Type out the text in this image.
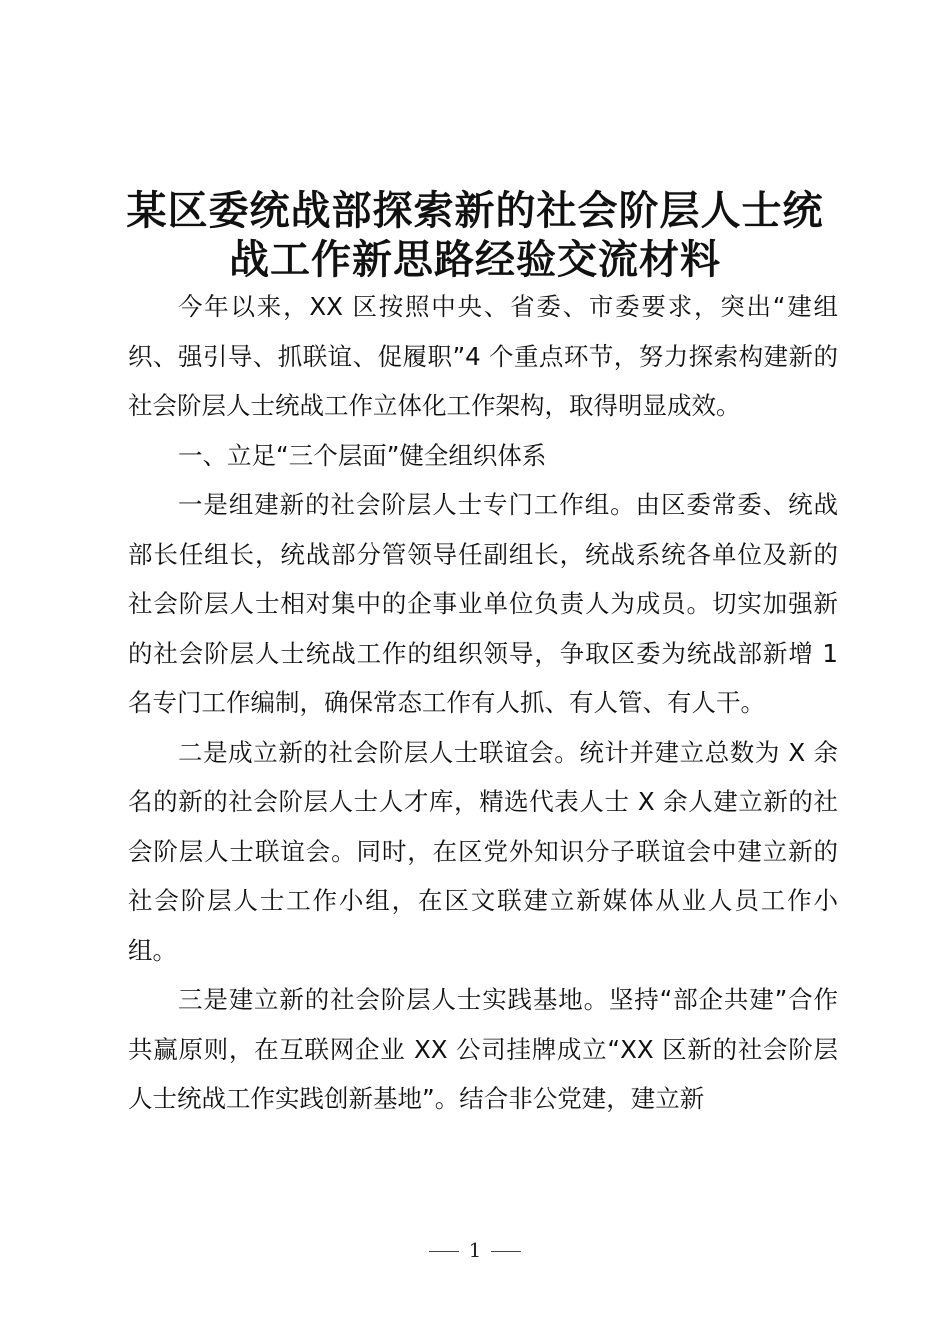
某区委统战部探索新的社会阶层人士统
战工作新思路经验交流材料

今年以来，XX 区按照中央、省委、市委要求，突出“建组织、强引导、抓联谊、促履职”4 个重点环节，努力探索构建新的社会阶层人士统战工作立体化工作架构，取得明显成效。

一、立足“三个层面”健全组织体系

一是组建新的社会阶层人士专门工作组。由区委常委、统战部长任组长，统战部分管领导任副组长，统战系统各单位及新的社会阶层人士相对集中的企事业单位负责人为成员。切实加强新的社会阶层人士统战工作的组织领导，争取区委为统战部新增 1 名专门工作编制，确保常态工作有人抓、有人管、有人干。

二是成立新的社会阶层人士联谊会。统计并建立总数为 X 余名的新的社会阶层人士人才库，精选代表人士 X 余人建立新的社会阶层人士联谊会。同时，在区党外知识分子联谊会中建立新的社会阶层人士工作小组，在区文联建立新媒体从业人员工作小组。

三是建立新的社会阶层人士实践基地。坚持“部企共建”合作共赢原则，在互联网企业 XX 公司挂牌成立“XX 区新的社会阶层人士统战工作实践创新基地”。结合非公党建，建立新

1
